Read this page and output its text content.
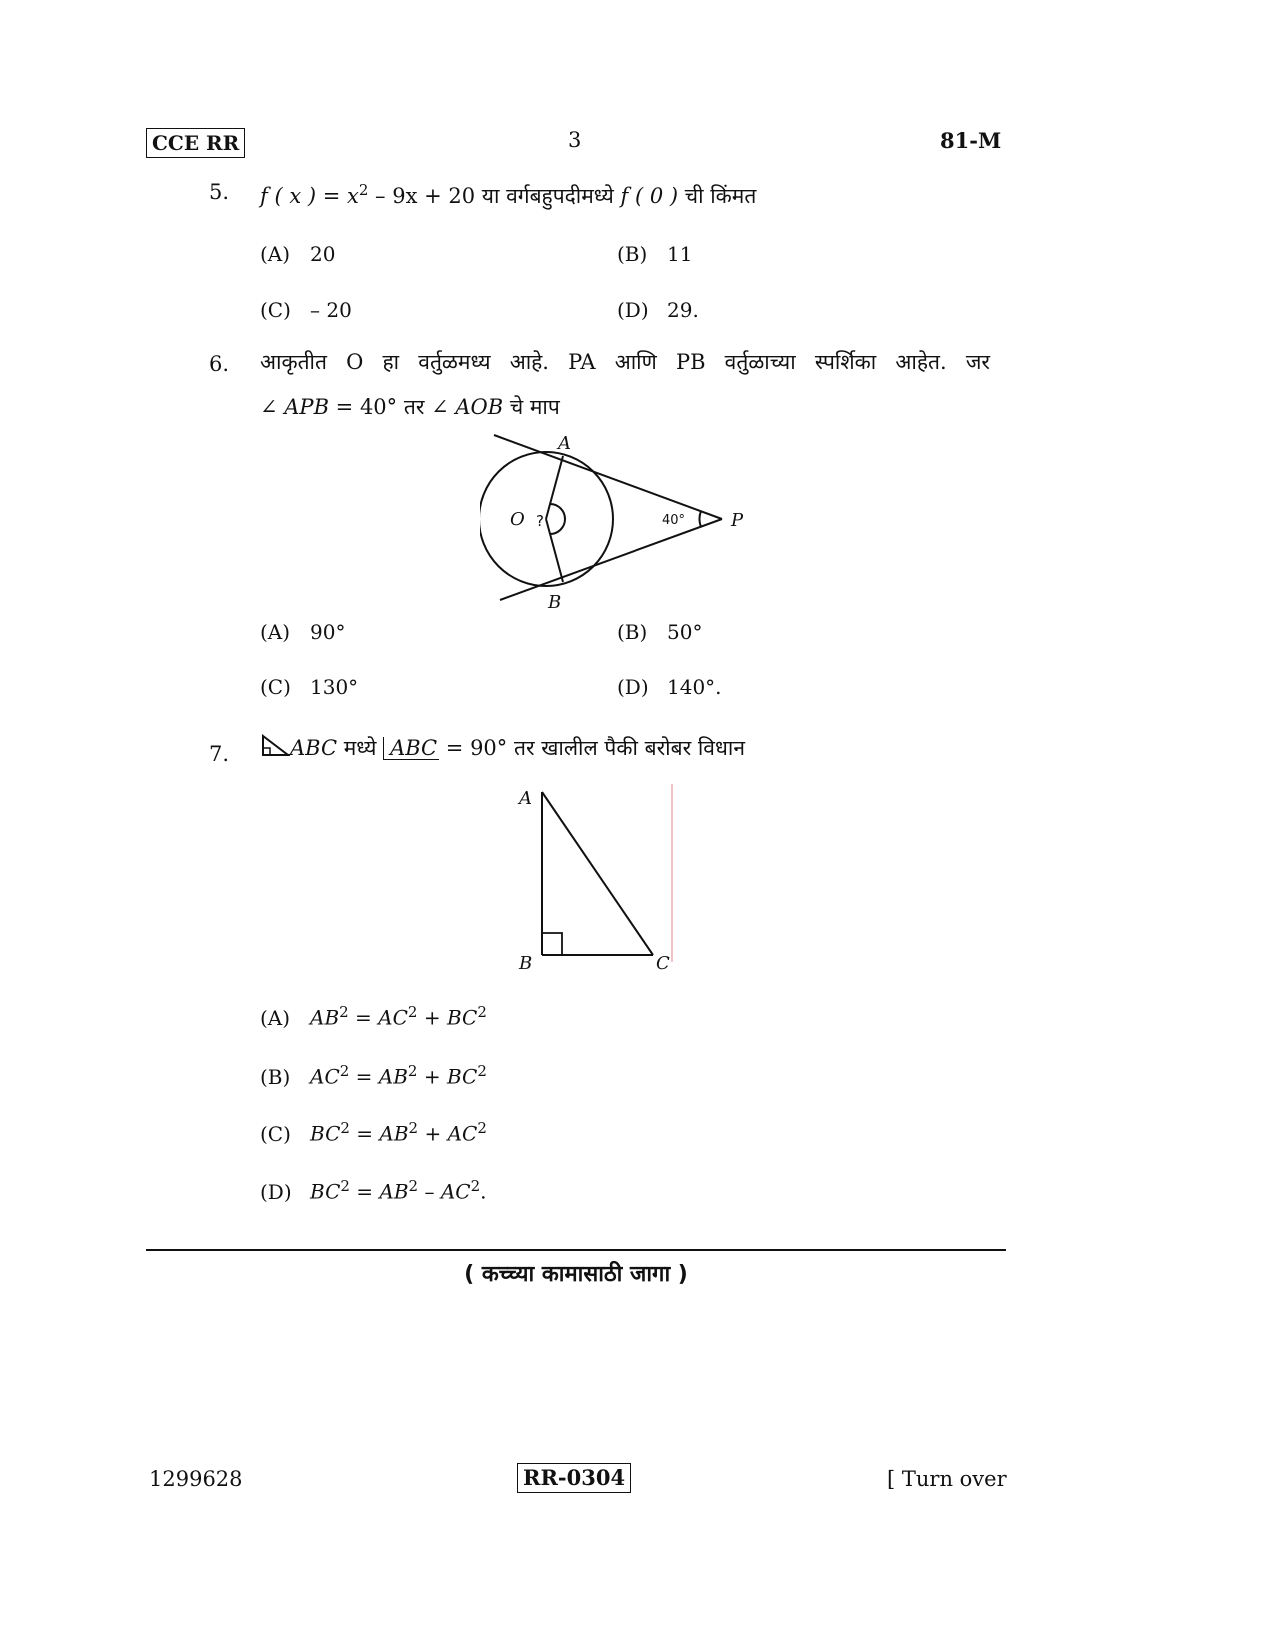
CCE RR	3	81-M
5. f ( x ) = $x^2 - 9x + 20$ या वर्गबहुपदीमध्ये f ( 0 ) ची किंमत
(A) 20	(B) 11
(C) – 20	(D) 29.
6. आकृतीत O हा वर्तुळमध्य आहे. PA आणि PB वर्तुळाच्या स्पर्शिका आहेत. जर
∠ APB = 40° तर ∠ AOB चे माप
A
B
O	P
?	40°
(A) 90°	(B) 50°
(C) 130°	(D) 140°.
7.	ABC मध्ये ABC = 90° तर खालील पैकी बरोबर विधान
A
B	C
(A) $AB^2 = AC^2 + BC^2$
(B) $AC^2 = AB^2 + BC^2$
(C) $BC^2 = AB^2 + AC^2$
(D) $BC^2 = AB^2 - AC^2$.
( कच्च्या कामासाठी जागा )
1299628	RR-0304	[ Turn over
